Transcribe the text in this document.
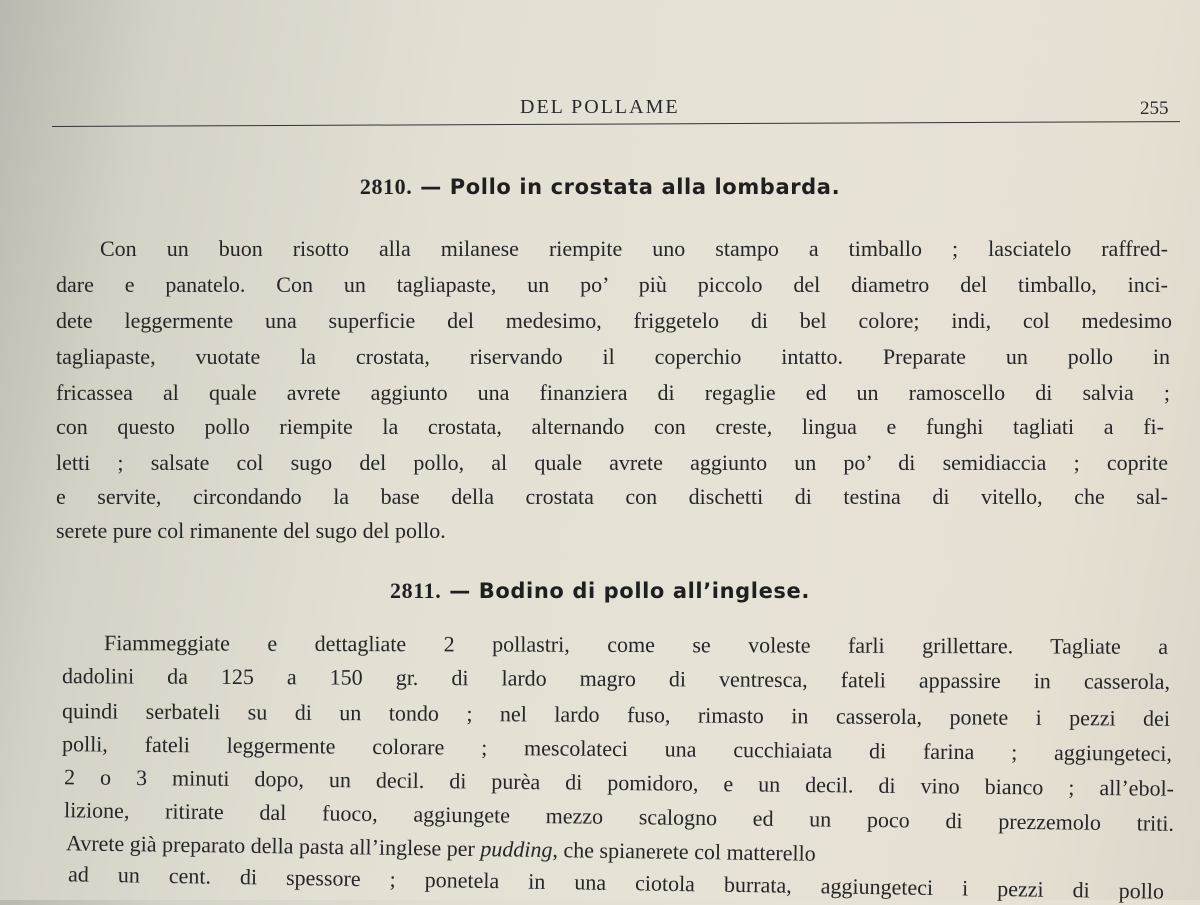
DEL POLLAME	255
2810. — Pollo in crostata alla lombarda.
Con un buon risotto alla milanese riempite uno stampo a timballo ; lasciatelo raffred-
dare e panatelo. Con un tagliapaste, un po’ più piccolo del diametro del timballo, inci-
dete leggermente una superficie del medesimo, friggetelo di bel colore; indi, col medesimo
tagliapaste, vuotate la crostata, riservando il coperchio intatto. Preparate un pollo in
fricassea al quale avrete aggiunto una finanziera di regaglie ed un ramoscello di salvia ;
con questo pollo riempite la crostata, alternando con creste, lingua e funghi tagliati a fi-
letti ; salsate col sugo del pollo, al quale avrete aggiunto un po’ di semidiaccia ; coprite
e servite, circondando la base della crostata con dischetti di testina di vitello, che sal-
serete pure col rimanente del sugo del pollo.
2811. — Bodino di pollo all’inglese.
Fiammeggiate e dettagliate 2 pollastri, come se voleste farli grillettare. Tagliate a
dadolini da 125 a 150 gr. di lardo magro di ventresca, fateli appassire in casserola,
quindi serbateli su di un tondo ; nel lardo fuso, rimasto in casserola, ponete i pezzi dei
polli, fateli leggermente colorare ; mescolateci una cucchiaiata di farina ; aggiungeteci,
2 o 3 minuti dopo, un decil. di purèa di pomidoro, e un decil. di vino bianco ; all’ebol-
lizione, ritirate dal fuoco, aggiungete mezzo scalogno ed un poco di prezzemolo triti.
Avrete già preparato della pasta all’inglese per pudding, che spianerete col matterello
ad un cent. di spessore ; ponetela in una ciotola burrata, aggiungeteci i pezzi di pollo
